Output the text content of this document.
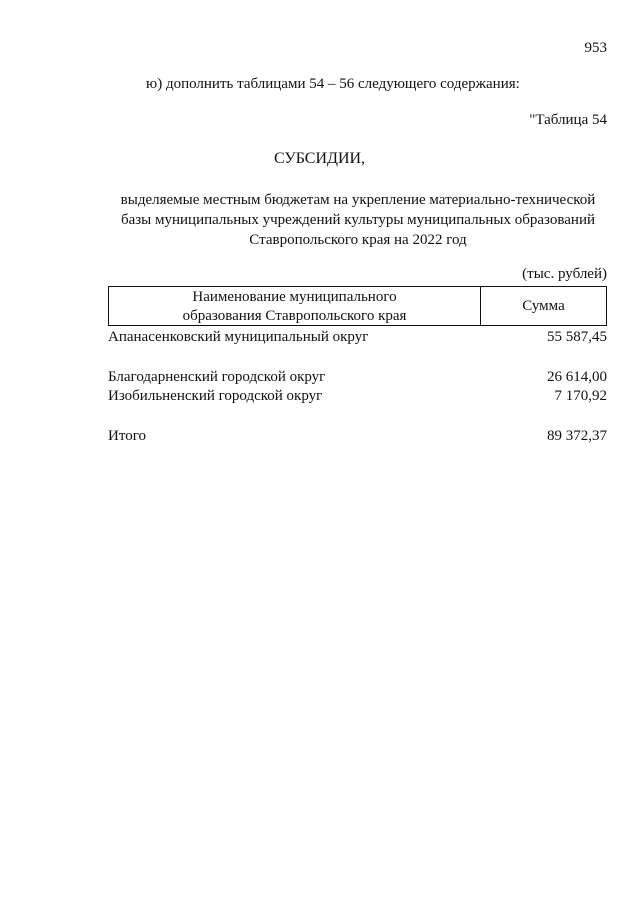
953
ю) дополнить таблицами 54 – 56 следующего содержания:
"Таблица 54
СУБСИДИИ,
выделяемые местным бюджетам на укрепление материально-технической
базы муниципальных учреждений культуры муниципальных образований
Ставропольского края на 2022 год
(тыс. рублей)
Наименование муниципального
образования Ставропольского края
Сумма
Апанасенковский муниципальный округ	55 587,45
Благодарненский городской округ	26 614,00
Изобильненский городской округ	7 170,92
Итого	89 372,37
